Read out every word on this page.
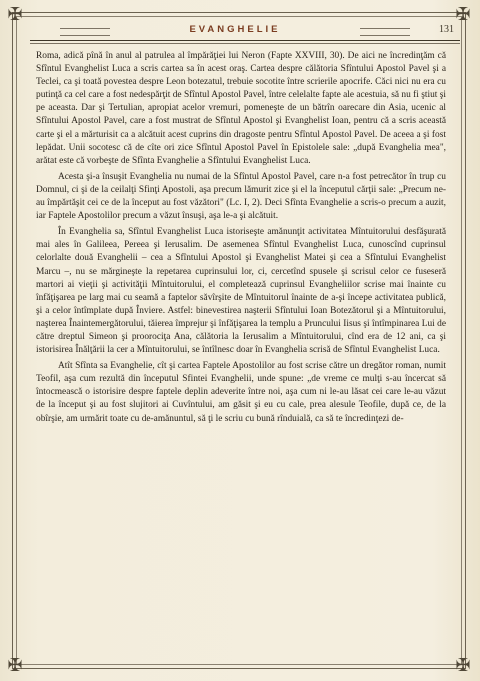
✠	✠
✠	✠
EVANGHELIE	131

Roma, adică pînă în anul al patrulea al împărăţiei lui Neron (Fapte XXVIII, 30). De aici ne încredinţăm că Sfîntul Evanghelist Luca a scris cartea sa în acest oraş. Cartea despre călătoria Sfîntului Apostol Pavel şi a Teclei, ca şi toată povestea despre Leon botezatul, trebuie socotite între scrierile apocrife. Căci nici nu era cu putinţă ca cel care a fost nedespărţit de Sfîntul Apostol Pavel, între celelalte fapte ale acestuia, să nu fi ştiut şi pe aceasta. Dar şi Tertulian, apropiat acelor vremuri, pomeneşte de un bătrîn oarecare din Asia, ucenic al Sfîntului Apostol Pavel, care a fost mustrat de Sfîntul Apostol şi Evanghelist Ioan, pentru că a scris această carte şi el a mărturisit ca a alcătuit acest cuprins din dragoste pentru Sfîntul Apostol Pavel. De aceea a şi fost lepădat. Unii socotesc că de cîte ori zice Sfîntul Apostol Pavel în Epistolele sale: „după Evanghelia mea", arătat este că vorbeşte de Sfînta Evanghelie a Sfîntului Evanghelist Luca.

Acesta şi-a însuşit Evanghelia nu numai de la Sfîntul Apostol Pavel, care n-a fost petrecător în trup cu Domnul, ci şi de la ceilalţi Sfinţi Apostoli, aşa precum lămurit zice şi el la începutul cărţii sale: „Precum ne-au împărtăşit cei ce de la început au fost văzători" (Lc. I, 2). Deci Sfînta Evanghelie a scris-o precum a auzit, iar Faptele Apostolilor precum a văzut însuşi, aşa le-a şi alcătuit.

În Evanghelia sa, Sfîntul Evanghelist Luca istoriseşte amănunţit activitatea Mîntuitorului desfăşurată mai ales în Galileea, Pereea şi Ierusalim. De asemenea Sfîntul Evanghelist Luca, cunoscînd cuprinsul celorlalte două Evanghelii – cea a Sfîntului Apostol şi Evanghelist Matei şi cea a Sfîntului Evanghelist Marcu –, nu se mărgineşte la repetarea cuprinsului lor, ci, cercetînd spusele şi scrisul celor ce fuseseră martori ai vieţii şi activităţii Mîntuitorului, el completează cuprinsul Evangheliilor scrise mai înainte cu înfăţişarea pe larg mai cu seamă a faptelor săvîrşite de Mîntuitorul înainte de a-şi începe activitatea publică, şi a celor întîmplate după Înviere. Astfel: binevestirea naşterii Sfîntului Ioan Botezătorul şi a Mîntuitorului, naşterea Înaintemergătorului, tăierea împrejur şi înfăţişarea la templu a Pruncului Iisus şi întîmpinarea Lui de către dreptul Simeon şi proorociţa Ana, călătoria la Ierusalim a Mîntuitorului, cînd era de 12 ani, ca şi istorisirea Înălţării la cer a Mîntuitorului, se întîlnesc doar în Evanghelia scrisă de Sfîntul Evanghelist Luca.

Atît Sfînta sa Evanghelie, cît şi cartea Faptele Apostolilor au fost scrise către un dregător roman, numit Teofil, aşa cum rezultă din începutul Sfintei Evanghelii, unde spune: „de vreme ce mulţi s-au încercat să întocmească o istorisire despre faptele deplin adeverite între noi, aşa cum ni le-au lăsat cei care le-au văzut de la început şi au fost slujitori ai Cuvîntului, am găsit şi eu cu cale, prea alesule Teofile, după ce, de la obîrşie, am urmărit toate cu de-amănuntul, să ţi le scriu cu bună rînduială, ca să te încredinţezi de-
